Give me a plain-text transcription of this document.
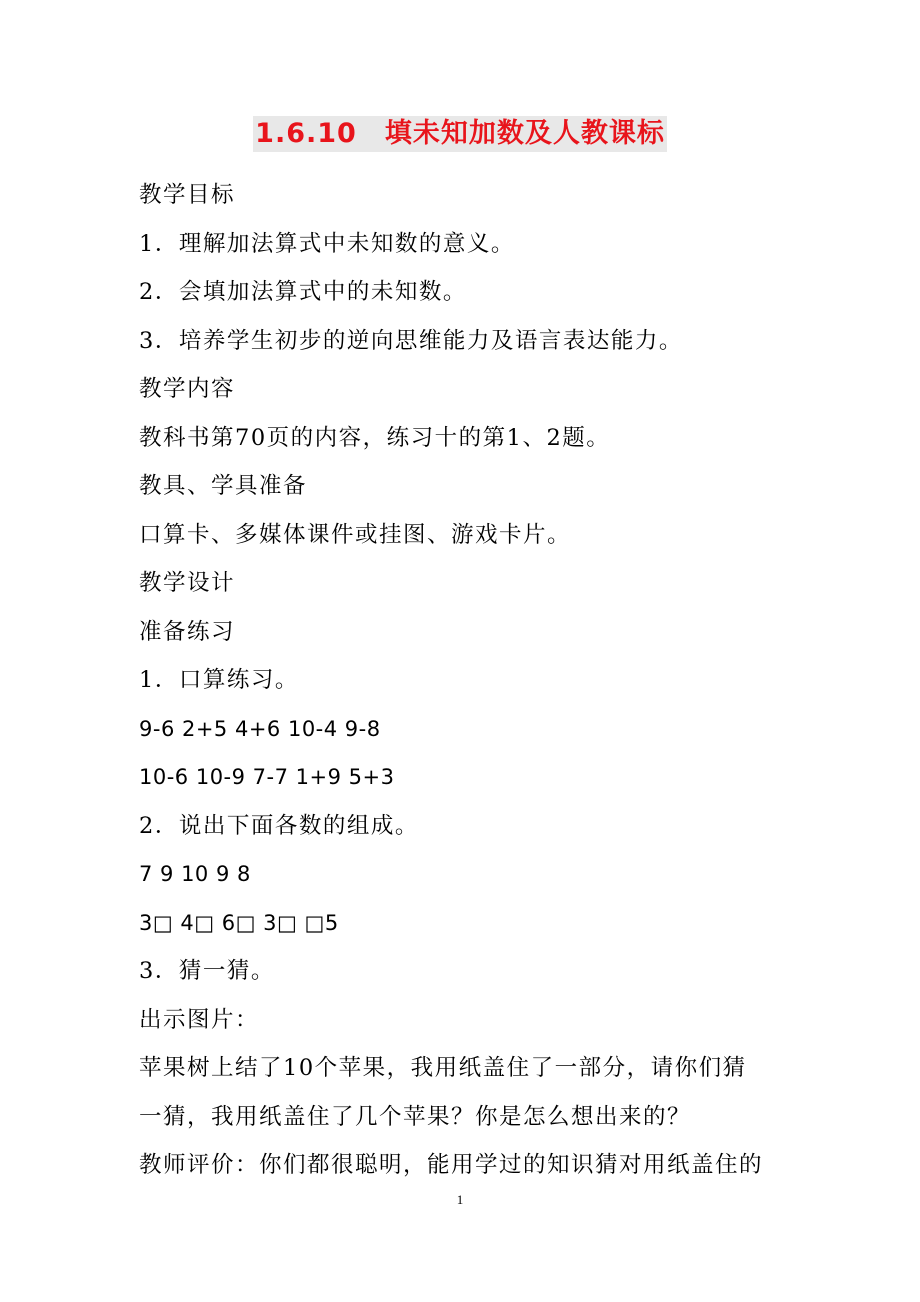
1.6.10　填未知加数及人教课标
教学目标
1．理解加法算式中未知数的意义。
2．会填加法算式中的未知数。
3．培养学生初步的逆向思维能力及语言表达能力。
教学内容
教科书第70页的内容，练习十的第1、2题。
教具、学具准备
口算卡、多媒体课件或挂图、游戏卡片。
教学设计
准备练习
1．口算练习。
9-6 2+5 4+6 10-4 9-8
10-6 10-9 7-7 1+9 5+3
2．说出下面各数的组成。
7 9 10 9 8
3□ 4□ 6□ 3□ □5
3．猜一猜。
出示图片：
苹果树上结了10个苹果，我用纸盖住了一部分，请你们猜
一猜，我用纸盖住了几个苹果？你是怎么想出来的？
教师评价：你们都很聪明，能用学过的知识猜对用纸盖住的
1
